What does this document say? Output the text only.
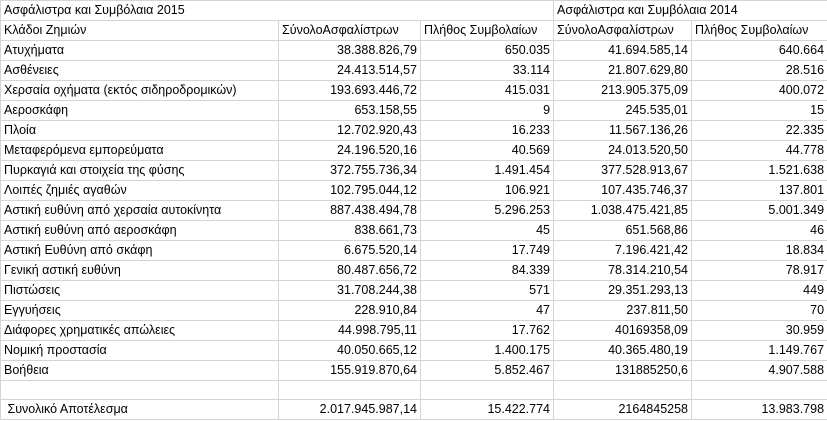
Ασφάλιστρα και Συμβόλαια 2015			Ασφάλιστρα και Συμβόλαια 2014	
Κλάδοι Ζημιών	ΣύνολοΑσφαλίστρων	Πλήθος Συμβολαίων	ΣύνολοΑσφαλίστρων	Πλήθος Συμβολαίων
Ατυχήματα	38.388.826,79	650.035	41.694.585,14	640.664
Ασθένειες	24.413.514,57	33.114	21.807.629,80	28.516
Χερσαία οχήματα (εκτός σιδηροδρομικών)	193.693.446,72	415.031	213.905.375,09	400.072
Αεροσκάφη	653.158,55	9	245.535,01	15
Πλοία	12.702.920,43	16.233	11.567.136,26	22.335
Μεταφερόμενα εμπορεύματα	24.196.520,16	40.569	24.013.520,50	44.778
Πυρκαγιά και στοιχεία της φύσης	372.755.736,34	1.491.454	377.528.913,67	1.521.638
Λοιπές ζημιές αγαθών	102.795.044,12	106.921	107.435.746,37	137.801
Αστική ευθύνη από χερσαία αυτοκίνητα	887.438.494,78	5.296.253	1.038.475.421,85	5.001.349
Αστική ευθύνη από αεροσκάφη	838.661,73	45	651.568,86	46
Αστική Ευθύνη από σκάφη	6.675.520,14	17.749	7.196.421,42	18.834
Γενική αστική ευθύνη	80.487.656,72	84.339	78.314.210,54	78.917
Πιστώσεις	31.708.244,38	571	29.351.293,13	449
Εγγυήσεις	228.910,84	47	237.811,50	70
Διάφορες χρηματικές απώλειες	44.998.795,11	17.762	40169358,09	30.959
Νομική προστασία	40.050.665,12	1.400.175	40.365.480,19	1.149.767
Βοήθεια	155.919.870,64	5.852.467	131885250,6	4.907.588

Συνολικό Αποτέλεσμα	2.017.945.987,14	15.422.774	2164845258	13.983.798
